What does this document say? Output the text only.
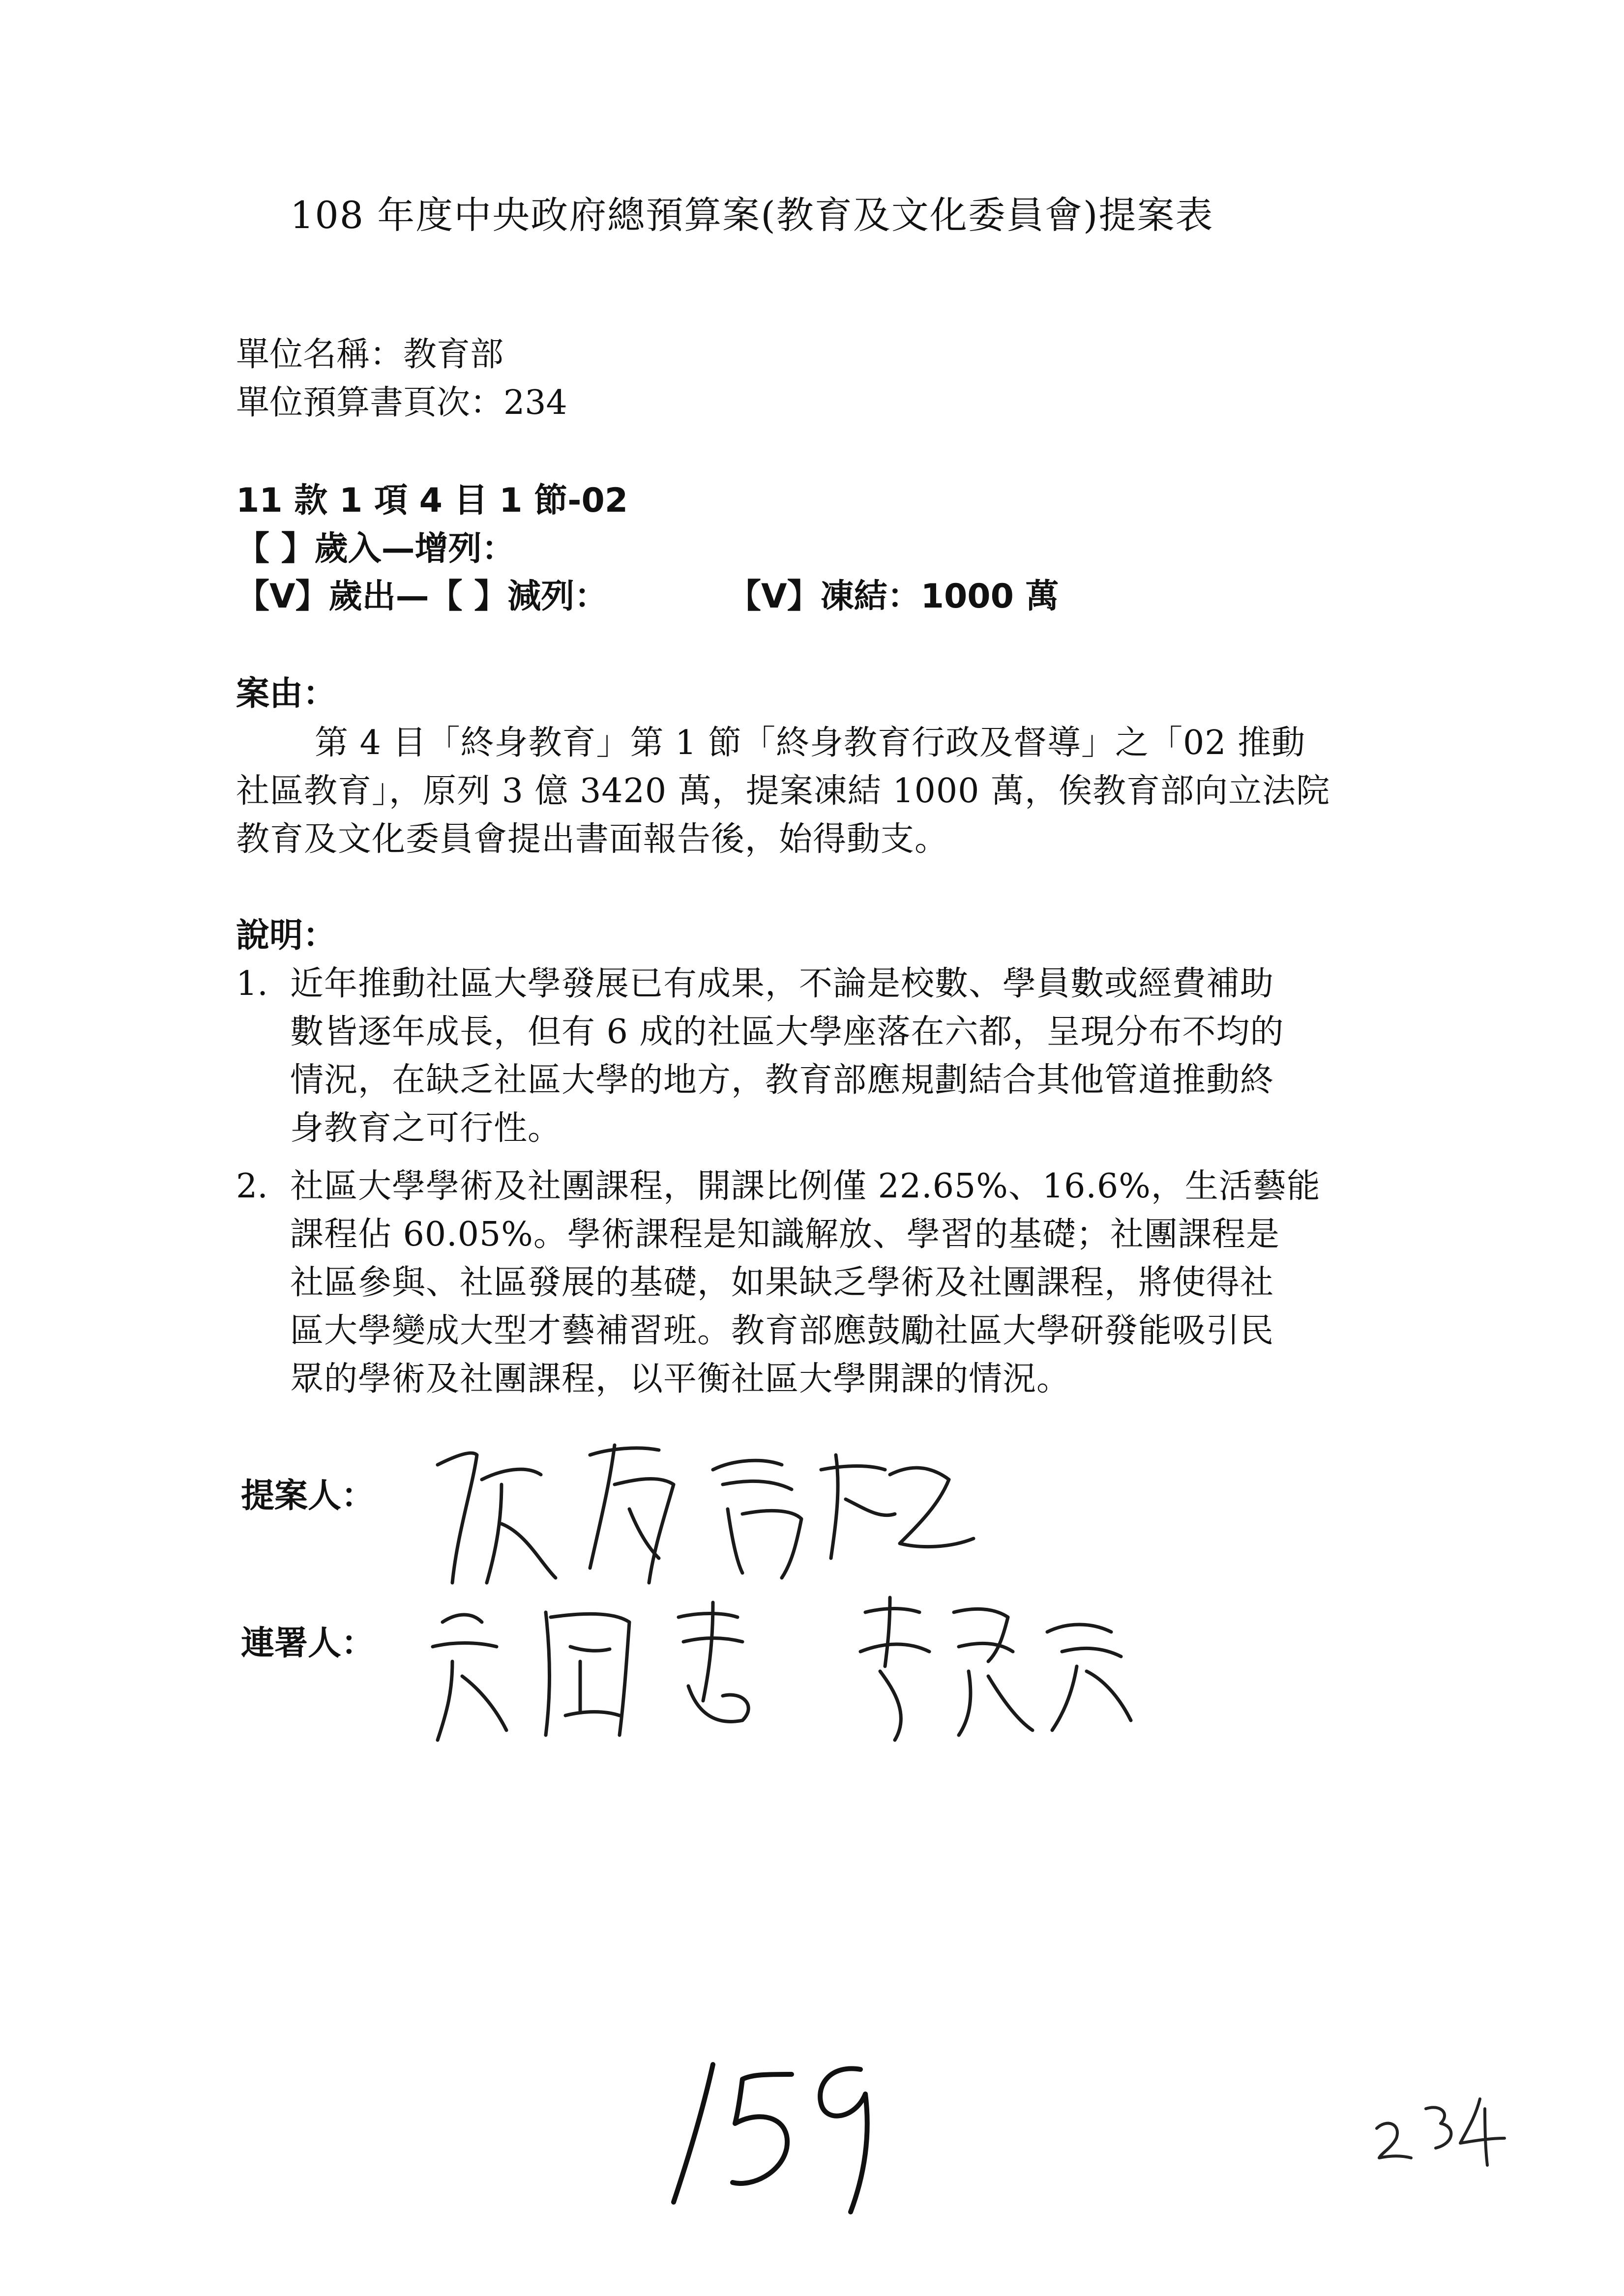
108 年度中央政府總預算案(教育及文化委員會)提案表
單位名稱：教育部
單位預算書頁次：234
11 款 1 項 4 目 1 節-02
【 】歲入—增列：
【V】歲出—【 】減列：	【V】凍結：1000 萬
案由：
第 4 目「終身教育」第 1 節「終身教育行政及督導」之「02 推動
社區教育」，原列 3 億 3420 萬，提案凍結 1000 萬，俟教育部向立法院
教育及文化委員會提出書面報告後，始得動支。
說明：
1. 近年推動社區大學發展已有成果，不論是校數、學員數或經費補助
數皆逐年成長，但有 6 成的社區大學座落在六都，呈現分布不均的
情況，在缺乏社區大學的地方，教育部應規劃結合其他管道推動終
身教育之可行性。
2. 社區大學學術及社團課程，開課比例僅 22.65%、16.6%，生活藝能
課程佔 60.05%。學術課程是知識解放、學習的基礎；社團課程是
社區參與、社區發展的基礎，如果缺乏學術及社團課程，將使得社
區大學變成大型才藝補習班。教育部應鼓勵社區大學研發能吸引民
眾的學術及社團課程，以平衡社區大學開課的情況。
提案人：
連署人：
